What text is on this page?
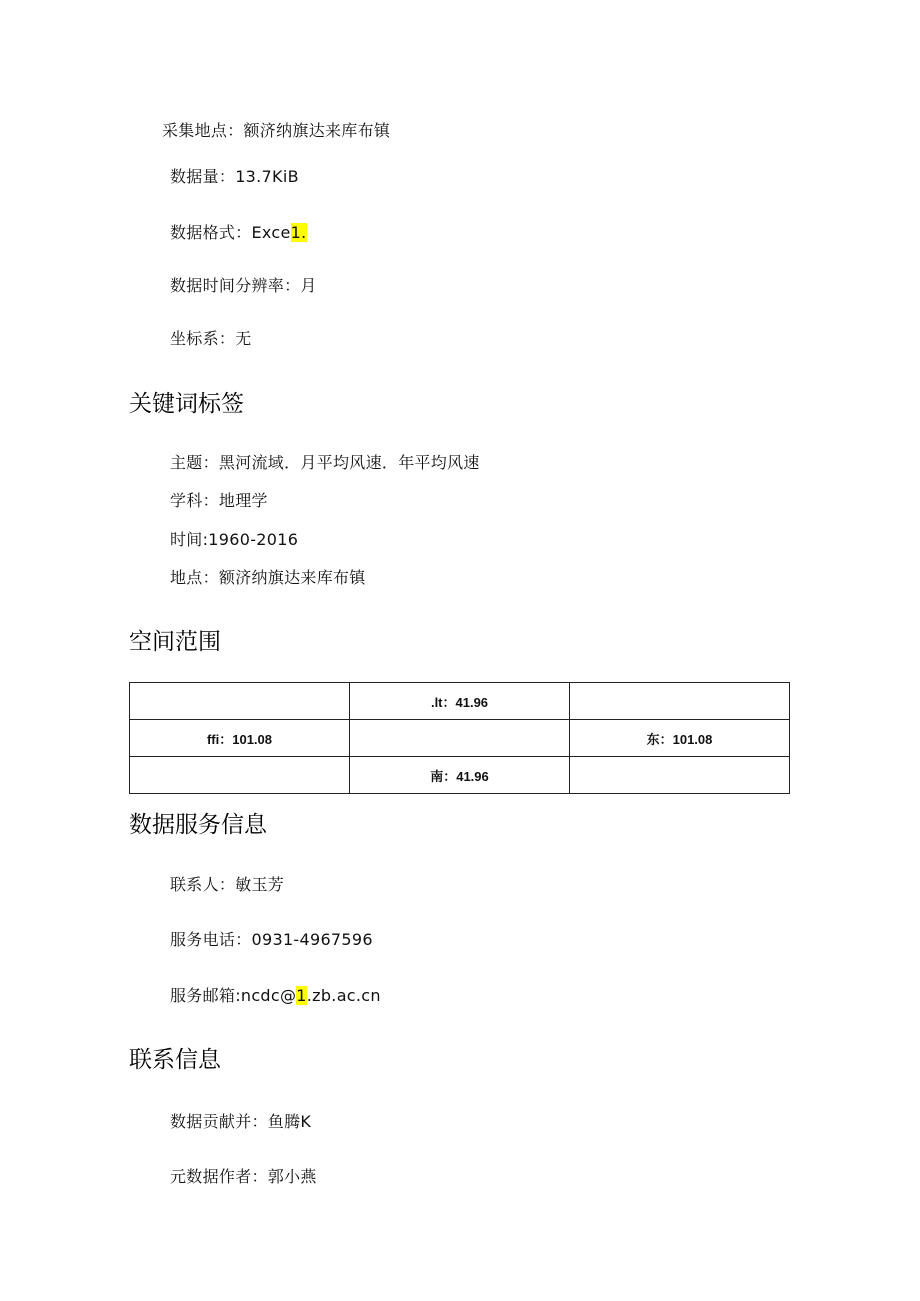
采集地点：额济纳旗达来库布镇
数据量：13.7KiB
数据格式：Exce1.
数据时间分辨率：月
坐标系：无
关键词标签
主题：黑河流域．月平均风速．年平均风速
学科：地理学
时间:1960-2016
地点：额济纳旗达来库布镇
空间范围
	.lt：41.96	
ffi：101.08		东：101.08
	南：41.96	
数据服务信息
联系人：敏玉芳
服务电话：0931-4967596
服务邮箱:ncdc@1.zb.ac.cn
联系信息
数据贡献并：鱼腾K
元数据作者：郭小燕
